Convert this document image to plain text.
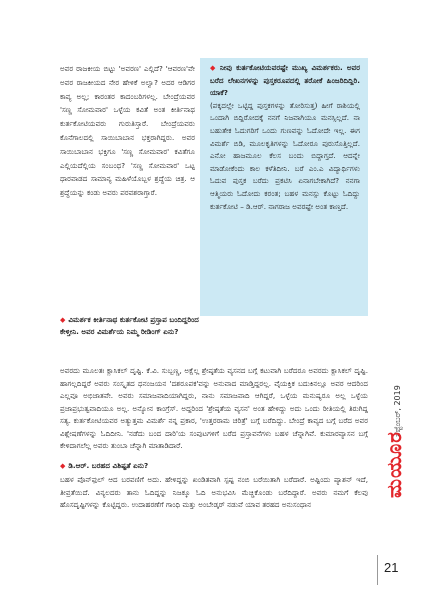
ಅವರ ರಾಜಕೀಯ ಬಿಟ್ಟು 'ಅವರಣ' ಎಲ್ಲಿದೆ? 'ಆವರಣ'ವೇ ಅವರ ರಾಜಕೀಯದ ನೇರ ಹೇಳಿಕೆ ಅಲ್ವಾ? ಅದರ ಆಡಿಗರ ಕಾವ್ಯ ಅಲ್ಲ; ಕಾರಂತರ ಕಾದಂಬರಿಗಳಲ್ಲ. ಬೇಂದ್ರೆಯವರ 'ಸಣ್ಣ ಸೋಮವಾರ' ಒಳ್ಳೆಯ ಕವಿತೆ ಅಂತ ಕೀರ್ತಿನಾಥ ಕುರ್ತಕೋಟಿಯವರು ಗುರುತಿಸ್ತಾರೆ. ಬೇಂದ್ರೆಯವರು ಕೊನೆಗಾಲದಲ್ಲಿ ಸಾಯಿಬಾಬಾನ ಭಕ್ತರಾಗಿದ್ದರು. ಅವರ ಸಾಯಿಬಾಬಾನ ಭಕ್ತಿಗೂ 'ಸಣ್ಣ ಸೋಮವಾರ' ಕವಿತೆಗೂ ಎಲ್ಲಿಯದೆಲ್ಲಿಯ ಸಂಬಂಧ? 'ಸಣ್ಣ ಸೋಮವಾರ' ಒಟ್ಟ ಧಾರವಾಡದ ಸಾಮಾನ್ಯ ಮಹಿಳೆಯೊಬ್ಬಳ ಶ್ರದ್ಧೆಯ ಚಿತ್ರ. ಆ ಶ್ರದ್ಧೆಯನ್ನು ಕಂಡು ಅವರು ಪರವಶರಾಗ್ತಾರೆ.

◆ ನೀವು ಕುರ್ತಕೋಟಿಯವರಷ್ಟೇ ಮುಖ್ಯ ವಿಮರ್ಶಕರು. ಅವರ ಬರೆದ ಲೇಖನಗಳನ್ನು ಪುಸ್ತಕರೂಪದಲ್ಲಿ ತರೋಕೆ ಹಿಂಜರಿದಿದ್ದಿರಿ. ಯಾಕೆ?

(ಪಕ್ಕದಲ್ಲೇ ಒಟ್ಟಿದ್ದ ಪುಸ್ತಕಗಳನ್ನು ತೋರಿಸುತ್ತ) ಹೀಗೆ ರಾಶಿಯಲ್ಲಿ ಒಂದಾಗಿ ಬಿದ್ದಿರೋದಕ್ಕೆ ನನಗೆ ನಿಜವಾಗಿಯೂ ಮನಸ್ಸಿಲ್ಲದೆ. ನಾ ಬಹುತೇಕ ಓದುಗರಿಗೆ ಒಂದು ಗುಣವನ್ನು ಓದೋದೇ ಇಲ್ಲ. ಈಗ ವಿಮರ್ಶೆ ಬಿಡಿ, ಮೂಲಕೃತಿಗಳನ್ನು ಓದೋರೂ ಪುರುಸೊತ್ತಿಲ್ಲದೆ. ಎನೋ ಹಾಜಮೂಲ ಕೆಲಸ ಬಂದು ಬಿದ್ದಾಗ್ತದೆ. ಆದನ್ನೇ ಮಾಡೋಕೆಂದು ಕಾಲ ಕಳೆತಿದೀನಿ. ಬರೆ ಎಂ.ಎ ವಿದ್ಯಾರ್ಥಿಗಳು ಓದುವ ಪುಸ್ತಕ ಬರೆದು ಪ್ರಕಟಿಸಿ ಏನಾಗಬೇಕಾಗಿದೆ? ನನಗಾ ಆತ್ಮಿಯರು ಓದೋದು ಕರಂತ; ಬಹಳ ಮನಸ್ಸು ಕೊಟ್ಟು ಓದಿದ್ದು ಕುರ್ತಕೋಟಿ – ಡಿ.ಆರ್. ನಾಗರಾಜ ಅವರಷ್ಟೇ ಅಂತ ಕಾಣ್ತದೆ.

◆ ವಿಮರ್ಶಕ ಕೀರ್ತಿನಾಥ ಕುರ್ತಕೋಟಿ ಪ್ರಸ್ತಾಪ ಬಂದಿದ್ದರಿಂದ ಕೇಳ್ತೀನಿ. ಅವರ ವಿಮರ್ಶೆಯ ನಿಮ್ಮ ರೀಡಿಂಗ್ ಏನು?

ಅವರದು ಮೂಲತಃ ಕ್ಲಾಸಿಕಲ್ ದೃಷ್ಟಿ. ಕೆ.ವಿ. ಸುಬ್ಬಣ್ಣ, ಅಕ್ಷೆಲ್ಲ ಶ್ರೇಷ್ಠತೆಯ ವ್ಯಸನದ ಬಗ್ಗೆ ಕಟುವಾಗಿ ಬರೆದರೂ ಅವರದು ಕ್ಲಾಸಿಕಲ್ ದೃಷ್ಟಿ. ಹಾಗಲ್ಲದಿದ್ದರೆ ಅವರು ಸಂಸ್ಕೃತದ ಧನಂಜಯನ 'ದಶರೂಪಕ'ವನ್ನು ಅನುವಾದ ಮಾಡ್ತಿದ್ದರಲ್ಲ. ವೈಯಕ್ತಿಕ ಬದುಕಿನಲ್ಲೂ ಅವರ ಆದರಿಂದ ಎಲ್ಲವೂ ಅಭಿಜಾತವೇ. ಅವರು ಸಮಾಜವಾದಿಯಾಗಿದ್ದರು, ನಾನು ಸಮಾಜವಾದಿ ಆಗಿದ್ದರೆ, ಒಳ್ಳೆಯ ಮನುಷ್ಯರೂ ಅಲ್ಲ ಒಳ್ಳೆಯ ಪ್ರಜಾಪ್ರಭುತ್ವವಾದಿಯೂ ಅಲ್ಲ. ಅನ್ಯೋನ ಕಾಂಗ್ರೆಸ್. ಅದ್ದರಿಂದ 'ಶ್ರೇಷ್ಠತೆಯ ವ್ಯಸನ' ಅಂತ ಹೇಳಿದ್ದು ಅದು ಒಂದು ರೀತಿಯಲ್ಲಿ ತಿರುಗಿದ್ದ ಸತ್ಯ. ಕುರ್ತಕೋಟಿಯವರ ಅತ್ಯುತ್ತಮ ವಿಮರ್ಶೆ ನನ್ನ ಪ್ರಕಾರ, 'ಉತ್ತರರಾಮ ಚರಿತ್ರೆ' ಬಗ್ಗೆ ಬರೆದಿದ್ದು. ಬೇಂದ್ರೆ ಕಾವ್ಯದ ಬಗ್ಗೆ ಬರೆದ ಅವರ ವಿಶ್ಲೇಷಣೆಗಳನ್ನು ಓದಿದೀನಿ. 'ನಡೆದು ಬಂದ ದಾರಿ'ಯ ಸಂಪುಟಗಳಿಗೆ ಬರೆದ ಪ್ರಸ್ತಾವನೆಗಳು ಬಹಳ ಚೆನ್ನಾಗಿವೆ. ಕುಮಾರವ್ಯಾಸನ ಬಗ್ಗೆ ಕೇಳಿದಾಗಲೆಲ್ಲ ಅವರು ತುಂಬಾ ಚೆನ್ನಾಗಿ ಮಾತಾಡಿದಾರೆ.

◆ ಡಿ.ಆರ್. ಬರಹದ ವಿಶಿಷ್ಟತೆ ಏನು?

ಬಹಳ ಪೊನ್‌ಫುಲ್ ಆದ ಬರವಣಿಗೆ ಅದು. ಹೇಳಿದ್ದನ್ನು ಖಂಡಿತವಾಗಿ ಸ್ಪಷ್ಟ ನಂಬಿ ಬರೆಯಿತಾಗಿ ಬರೆದಾರೆ. ಅಷ್ಟಿಂದು ಪ್ಯಾಶನ್ ಇದೆ, ತೀವ್ರತೆಯಿದೆ. ವಿನ್ಯಲದರು ತಾನು ಓದಿದ್ದನ್ನು ನಿಜಕ್ಕೂ ಓದಿ ಅನುಭವಿಸಿ ಮೆಚ್ಚಿಕೊಂಡು ಬರೆದಿದ್ದಾರೆ. ಅವರು ನಮಗೆ ಕೆಲವು ಹೊಸದೃಷ್ಟಿಗಳನ್ನು ಕೊಟ್ಟಿದ್ದರು. ಉದಾಹರಣೆಗೆ ಗಾಂಧಿ ಮತ್ತು ಅಂಬೇಡ್ಕರ್ ನಡುವೆ ಯಾವ ತರಹದ ಅನುಸಂಧಾನ

ಸೆಪ್ಟೆಂಬರ್, 2019
ಮಯೂರ
21
